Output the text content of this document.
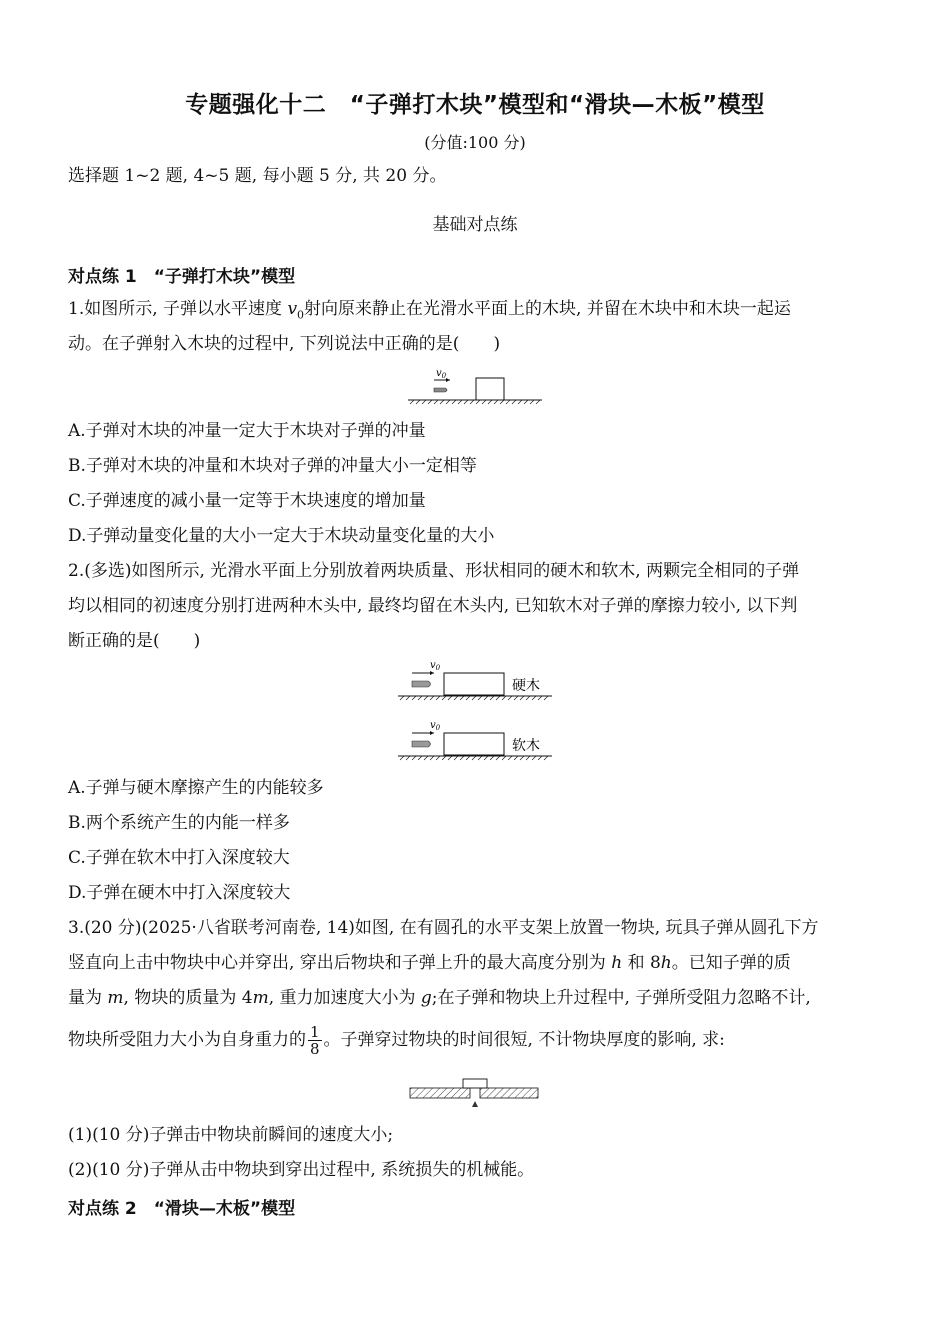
专题强化十二　“子弹打木块”模型和“滑块—木板”模型
(分值:100 分)
选择题 1~2 题, 4~5 题, 每小题 5 分, 共 20 分。
基础对点练
对点练 1　“子弹打木块”模型
1.如图所示, 子弹以水平速度 $v_0$射向原来静止在光滑水平面上的木块, 并留在木块中和木块一起运
动。在子弹射入木块的过程中, 下列说法中正确的是(　　)
$v_0$
A.子弹对木块的冲量一定大于木块对子弹的冲量
B.子弹对木块的冲量和木块对子弹的冲量大小一定相等
C.子弹速度的减小量一定等于木块速度的增加量
D.子弹动量变化量的大小一定大于木块动量变化量的大小
2.(多选)如图所示, 光滑水平面上分别放着两块质量、形状相同的硬木和软木, 两颗完全相同的子弹
均以相同的初速度分别打进两种木头中, 最终均留在木头内, 已知软木对子弹的摩擦力较小, 以下判
断正确的是(　　)
$v_0$
硬木
$v_0$
软木
A.子弹与硬木摩擦产生的内能较多
B.两个系统产生的内能一样多
C.子弹在软木中打入深度较大
D.子弹在硬木中打入深度较大
3.(20 分)(2025·八省联考河南卷, 14)如图, 在有圆孔的水平支架上放置一物块, 玩具子弹从圆孔下方
竖直向上击中物块中心并穿出, 穿出后物块和子弹上升的最大高度分别为 h 和 8h。已知子弹的质
量为 m, 物块的质量为 4m, 重力加速度大小为 g;在子弹和物块上升过程中, 子弹所受阻力忽略不计,
物块所受阻力大小为自身重力的 $\frac{1}{8}$ 。子弹穿过物块的时间很短, 不计物块厚度的影响, 求:
(1)(10 分)子弹击中物块前瞬间的速度大小;
(2)(10 分)子弹从击中物块到穿出过程中, 系统损失的机械能。
对点练 2　“滑块—木板”模型
